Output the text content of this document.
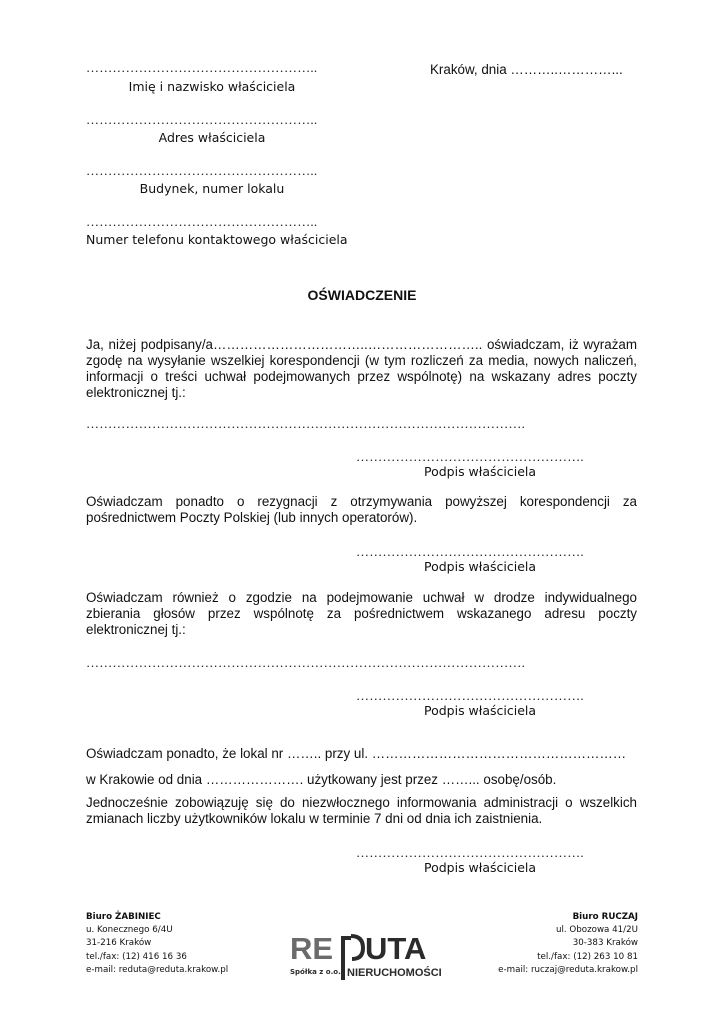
……………………………………………..
Imię i nazwisko właściciela
……………………………………………..
Adres właściciela
……………………………………………..
Budynek, numer lokalu
……………………………………………..
Numer telefonu kontaktowego właściciela
Kraków, dnia ………..…………...
OŚWIADCZENIE
Ja, niżej podpisany/a……………………………..…………………….. oświadczam, iż wyrażam zgodę na wysyłanie wszelkiej korespondencji (w tym rozliczeń za media, nowych naliczeń, informacji o treści uchwał podejmowanych przez wspólnotę) na wskazany adres poczty elektronicznej tj.:
……………………………………………………………………………………….
…………………………………………….
Podpis właściciela
Oświadczam ponadto o rezygnacji z otrzymywania powyższej korespondencji za pośrednictwem Poczty Polskiej (lub innych operatorów).
…………………………………………….
Podpis właściciela
Oświadczam również o zgodzie na podejmowanie uchwał w drodze indywidualnego zbierania głosów przez wspólnotę za pośrednictwem wskazanego adresu poczty elektronicznej tj.:
……………………………………………………………………………………….
…………………………………………….
Podpis właściciela
Oświadczam ponadto, że lokal nr …….. przy ul. …………………………………………………
w Krakowie od dnia …………………. użytkowany jest przez ……... osobę/osób.
Jednocześnie zobowiązuję się do niezwłocznego informowania administracji o wszelkich zmianach liczby użytkowników lokalu w terminie 7 dni od dnia ich zaistnienia.
…………………………………………….
Podpis właściciela
Biuro ŻABINIEC
u. Konecznego 6/4U
31-216 Kraków
tel./fax: (12) 416 16 36
e-mail: reduta@reduta.krakow.pl
Biuro RUCZAJ
ul. Obozowa 41/2U
30-383 Kraków
tel./fax: (12) 263 10 81
e-mail: ruczaj@reduta.krakow.pl
RE UTA
Spółka z o.o. NIERUCHOMOŚCI
